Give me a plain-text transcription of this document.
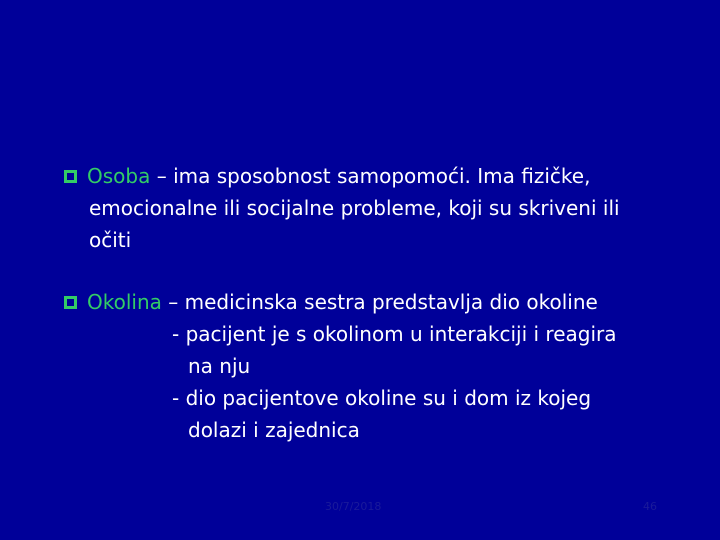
Osoba – ima sposobnost samopomoći. Ima fizičke,
emocionalne ili socijalne probleme, koji su skriveni ili
očiti
Okolina – medicinska sestra predstavlja dio okoline
- pacijent je s okolinom u interakciji i reagira
na nju
- dio pacijentove okoline su i dom iz kojeg
dolazi i zajednica
30/7/2018	46
